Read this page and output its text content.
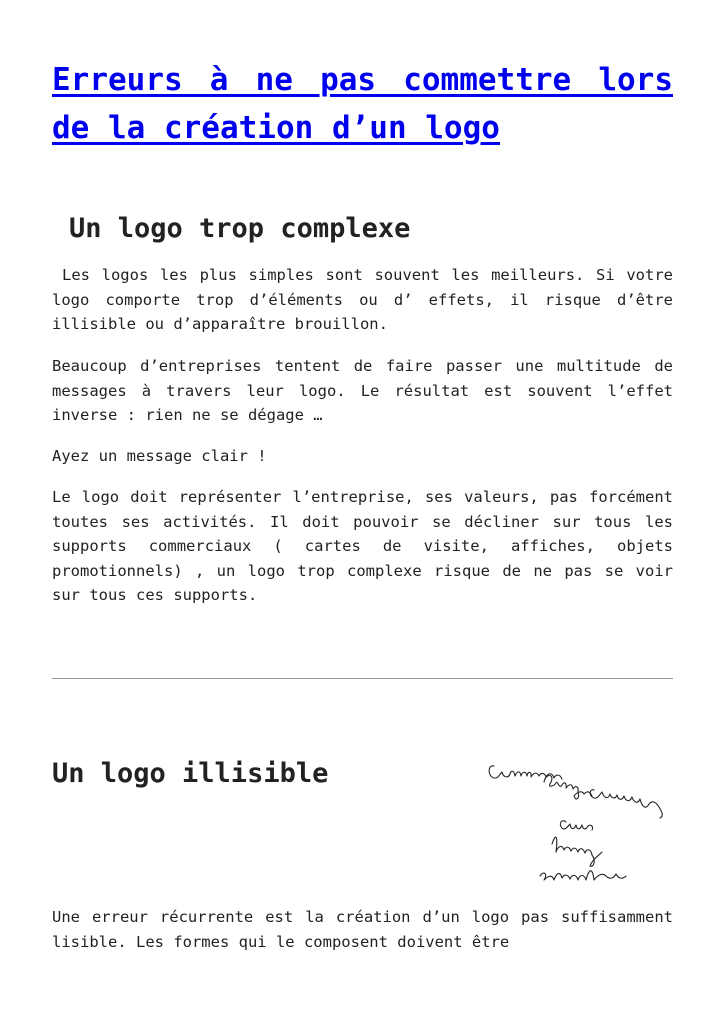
Erreurs à ne pas commettre lors de la création d’un logo
Un logo trop complexe

Les logos les plus simples sont souvent les meilleurs. Si votre logo comporte trop d’éléments ou d’ effets, il risque d’être illisible ou d’apparaître brouillon.

Beaucoup d’entreprises tentent de faire passer une multitude de messages à travers leur logo. Le résultat est souvent l’effet inverse : rien ne se dégage …

Ayez un message clair !

Le logo doit représenter l’entreprise, ses valeurs, pas forcément toutes ses activités. Il doit pouvoir se décliner sur tous les supports commerciaux ( cartes de visite, affiches, objets promotionnels) , un logo trop complexe risque de ne pas se voir sur tous ces supports.

Un logo illisible

Une erreur récurrente est la création d’un logo pas suffisamment lisible. Les formes qui le composent doivent être
